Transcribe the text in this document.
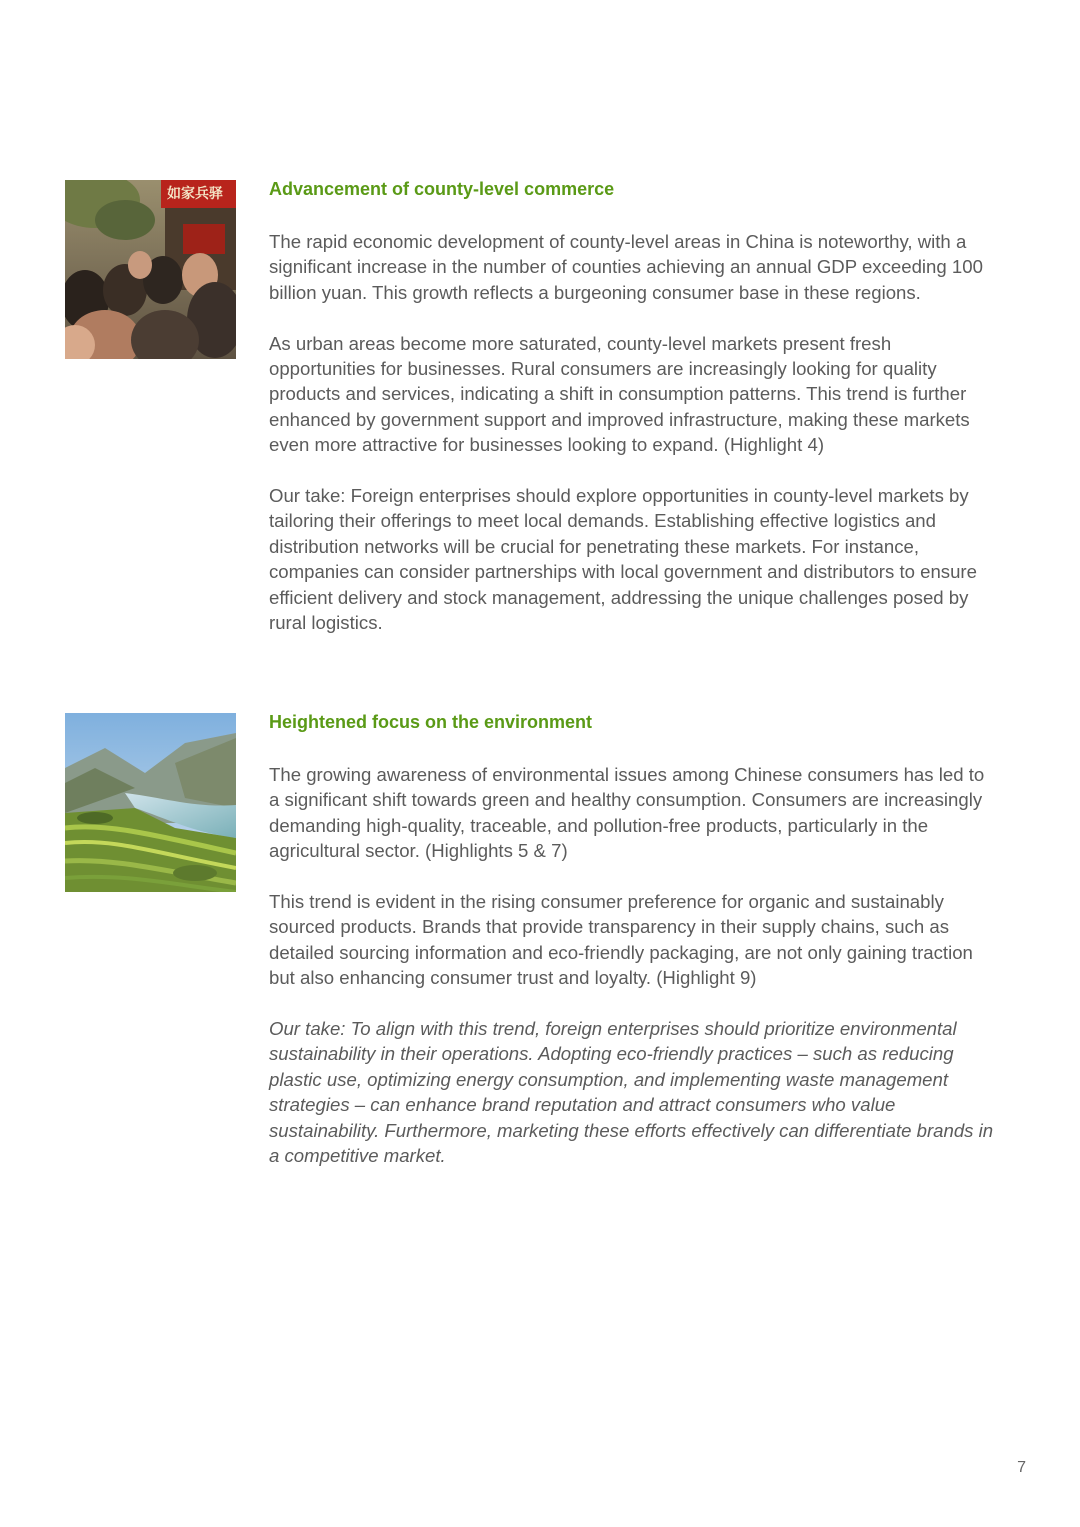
如家兵驿	Advancement of county-level commerce

The rapid economic development of county-level areas in China is noteworthy, with a significant increase in the number of counties achieving an annual GDP exceeding 100 billion yuan. This growth reflects a burgeoning consumer base in these regions.

As urban areas become more saturated, county-level markets present fresh opportunities for businesses. Rural consumers are increasingly looking for quality products and services, indicating a shift in consumption patterns. This trend is further enhanced by government support and improved infrastructure, making these markets even more attractive for businesses looking to expand. (Highlight 4)

Our take: Foreign enterprises should explore opportunities in county-level markets by tailoring their offerings to meet local demands. Establishing effective logistics and distribution networks will be crucial for penetrating these markets. For instance, companies can consider partnerships with local government and distributors to ensure efficient delivery and stock management, addressing the unique challenges posed by rural logistics.

Heightened focus on the environment

The growing awareness of environmental issues among Chinese consumers has led to a significant shift towards green and healthy consumption. Consumers are increasingly demanding high-quality, traceable, and pollution-free products, particularly in the agricultural sector. (Highlights 5 & 7)

This trend is evident in the rising consumer preference for organic and sustainably sourced products. Brands that provide transparency in their supply chains, such as detailed sourcing information and eco-friendly packaging, are not only gaining traction but also enhancing consumer trust and loyalty. (Highlight 9)

Our take: To align with this trend, foreign enterprises should prioritize environmental sustainability in their operations. Adopting eco-friendly practices – such as reducing plastic use, optimizing energy consumption, and implementing waste management strategies – can enhance brand reputation and attract consumers who value sustainability. Furthermore, marketing these efforts effectively can differentiate brands in a competitive market.

7
